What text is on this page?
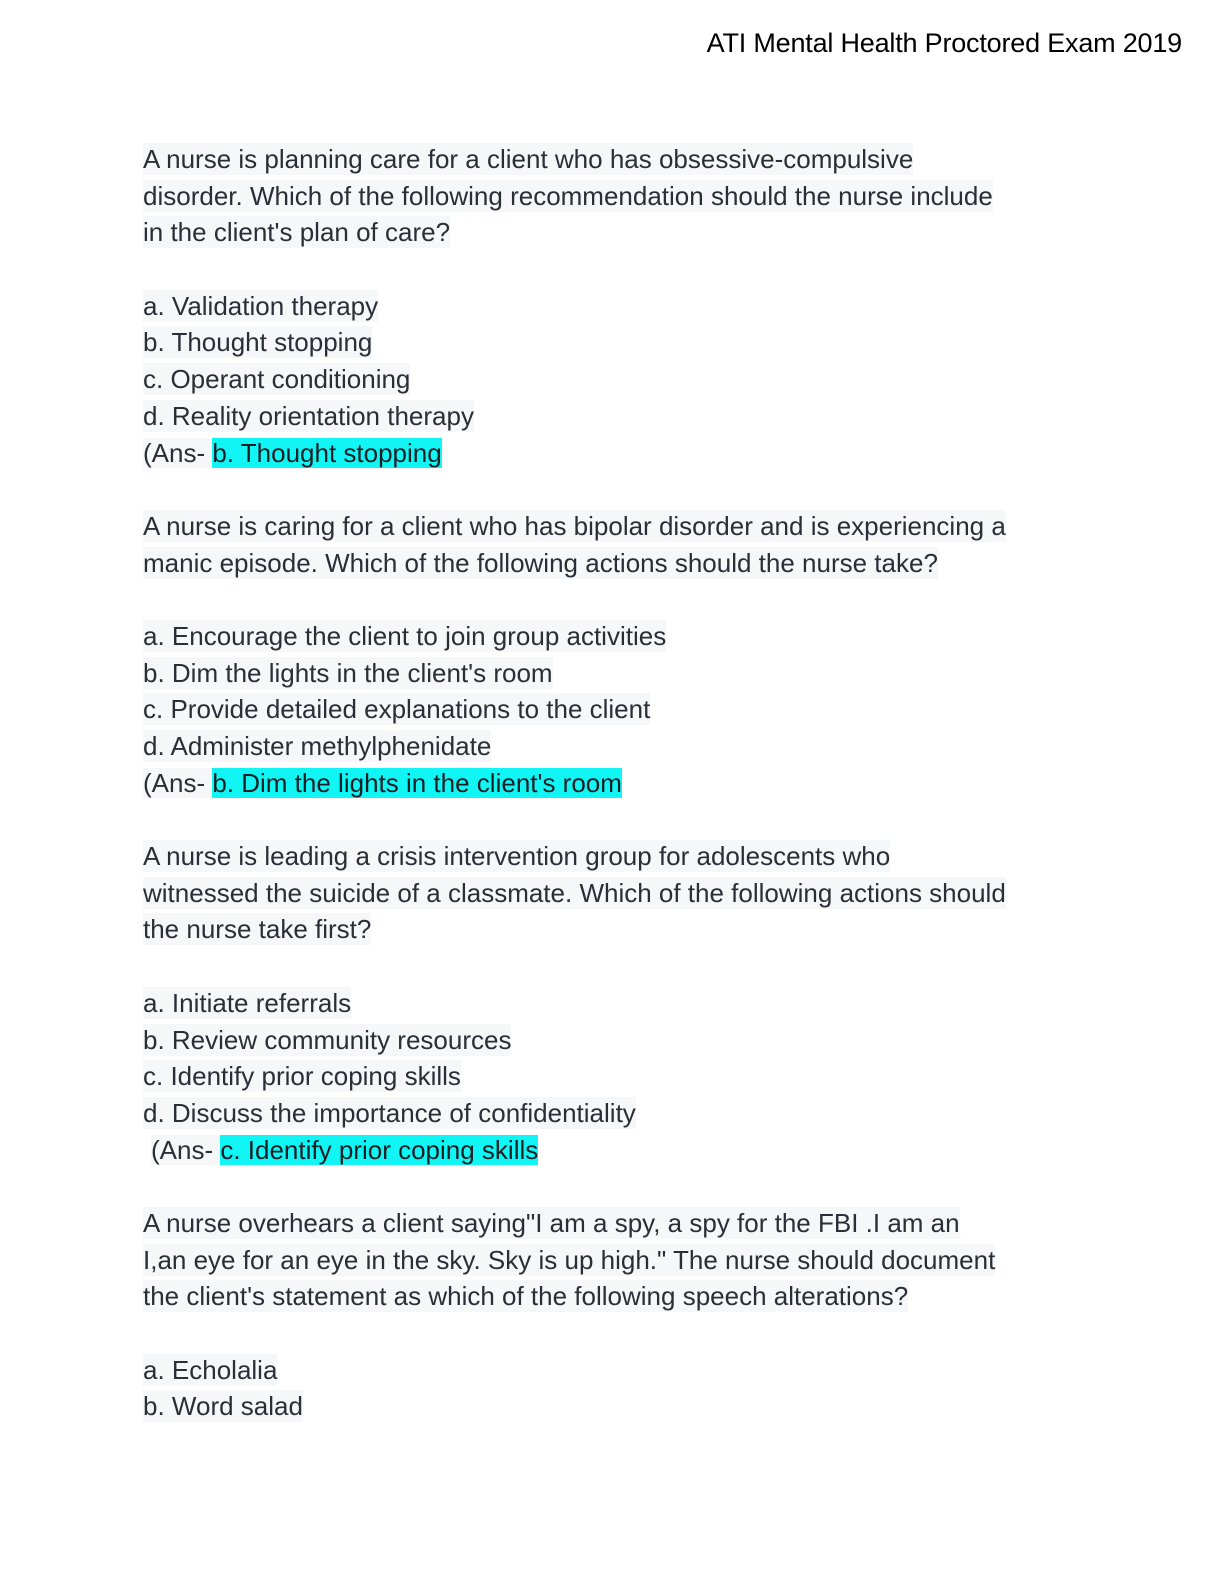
ATI Mental Health Proctored Exam 2019
A nurse is planning care for a client who has obsessive-compulsive
disorder. Which of the following recommendation should the nurse include
in the client's plan of care?
a. Validation therapy
b. Thought stopping
c. Operant conditioning
d. Reality orientation therapy
(Ans- b. Thought stopping
A nurse is caring for a client who has bipolar disorder and is experiencing a
manic episode. Which of the following actions should the nurse take?
a. Encourage the client to join group activities
b. Dim the lights in the client's room
c. Provide detailed explanations to the client
d. Administer methylphenidate
(Ans- b. Dim the lights in the client's room
A nurse is leading a crisis intervention group for adolescents who
witnessed the suicide of a classmate. Which of the following actions should
the nurse take first?
a. Initiate referrals
b. Review community resources
c. Identify prior coping skills
d. Discuss the importance of confidentiality
(Ans- c. Identify prior coping skills
A nurse overhears a client saying"I am a spy, a spy for the FBI .I am an
I,an eye for an eye in the sky. Sky is up high." The nurse should document
the client's statement as which of the following speech alterations?
a. Echolalia
b. Word salad
